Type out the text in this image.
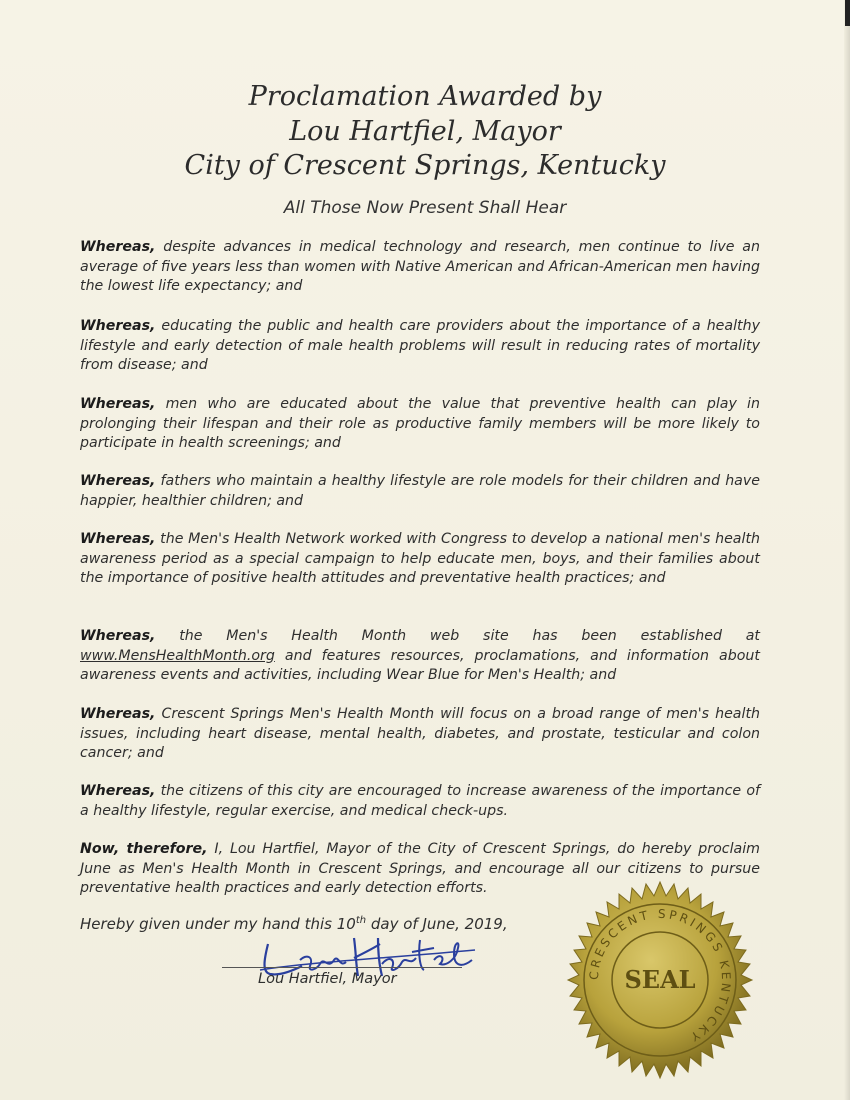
Proclamation Awarded by
Lou Hartfiel, Mayor
City of Crescent Springs, Kentucky
All Those Now Present Shall Hear
Whereas, despite advances in medical technology and research, men continue to live an average of five years less than women with Native American and African-American men having the lowest life expectancy; and
Whereas, educating the public and health care providers about the importance of a healthy lifestyle and early detection of male health problems will result in reducing rates of mortality from disease; and
Whereas, men who are educated about the value that preventive health can play in prolonging their lifespan and their role as productive family members will be more likely to participate in health screenings; and
Whereas, fathers who maintain a healthy lifestyle are role models for their children and have happier, healthier children; and
Whereas, the Men's Health Network worked with Congress to develop a national men's health awareness period as a special campaign to help educate men, boys, and their families about the importance of positive health attitudes and preventative health practices; and
Whereas, the Men's Health Month web site has been established at www.MensHealthMonth.org and features resources, proclamations, and information about awareness events and activities, including Wear Blue for Men's Health; and
Whereas, Crescent Springs Men's Health Month will focus on a broad range of men's health issues, including heart disease, mental health, diabetes, and prostate, testicular and colon cancer; and
Whereas, the citizens of this city are encouraged to increase awareness of the importance of a healthy lifestyle, regular exercise, and medical check-ups.
Now, therefore, I, Lou Hartfiel, Mayor of the City of Crescent Springs, do hereby proclaim June as Men's Health Month in Crescent Springs, and encourage all our citizens to pursue preventative health practices and early detection efforts.
Hereby given under my hand this 10th day of June, 2019,
Lou Hartfiel, Mayor	CRESCENT SPRINGS KENTUCKY
SEAL
